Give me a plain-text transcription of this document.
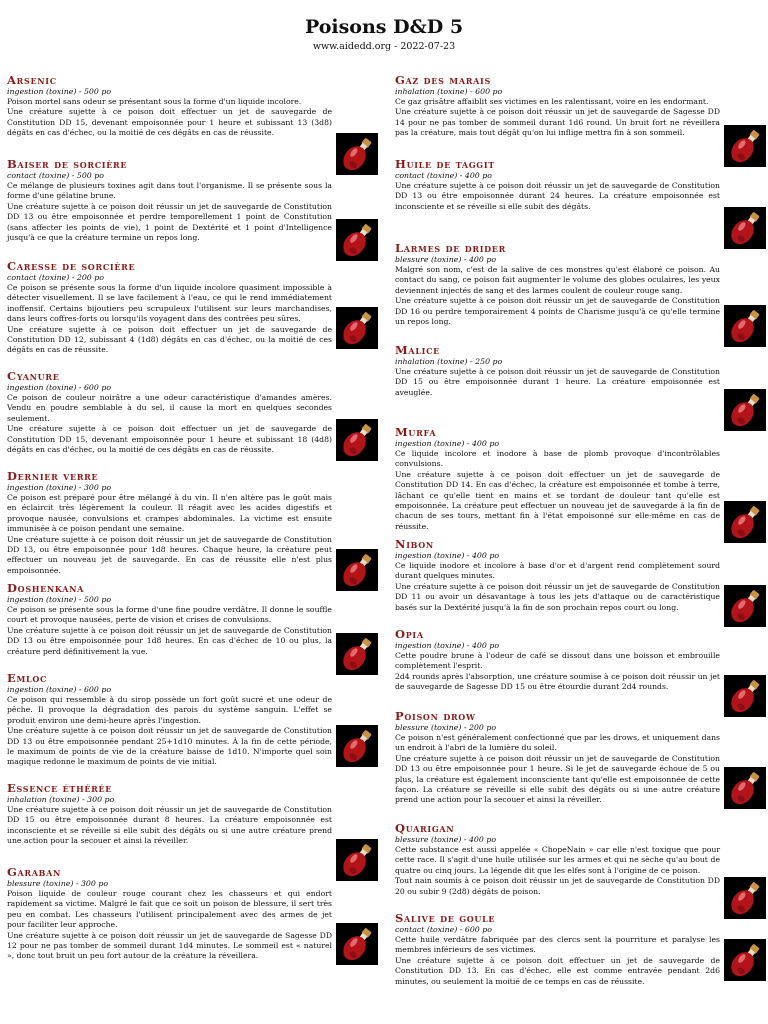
Poisons D&D 5
www.aidedd.org - 2022-07-23
Arsenic
ingestion (toxine) - 500 po

Poison mortel sans odeur se présentant sous la forme d'un liquide incolore.

Une créature sujette à ce poison doit effectuer un jet de sauvegarde de Constitution DD 15, devenant empoisonnée pour 1 heure et subissant 13 (3d8) dégâts en cas d'échec, ou la moitié de ces dégâts en cas de réussite.

Baiser de sorcière
contact (toxine) - 500 po

Ce mélange de plusieurs toxines agit dans tout l'organisme. Il se présente sous la forme d'une gélatine brune.

Une créature sujette à ce poison doit réussir un jet de sauvegarde de Constitution DD 13 ou être empoisonnée et perdre temporellement 1 point de Constitution (sans affecter les points de vie), 1 point de Dextérité et 1 point d'Intelligence jusqu'à ce que la créature termine un repos long.

Caresse de sorcière
contact (toxine) - 200 po

Ce poison se présente sous la forme d'un liquide incolore quasiment impossible à détecter visuellement. Il se lave facilement à l'eau, ce qui le rend immédiatement inoffensif. Certains bijoutiers peu scrupuleux l'utilisent sur leurs marchandises, dans leurs coffres-forts ou lorsqu'ils voyagent dans des contrées peu sûres.

Une créature sujette à ce poison doit effectuer un jet de sauvegarde de Constitution DD 12, subissant 4 (1d8) dégâts en cas d'échec, ou la moitié de ces dégâts en cas de réussite.

Cyanure
ingestion (toxine) - 600 po

Ce poison de couleur noirâtre a une odeur caractéristique d'amandes amères. Vendu en poudre semblable à du sel, il cause la mort en quelques secondes seulement.

Une créature sujette à ce poison doit effectuer un jet de sauvegarde de Constitution DD 15, devenant empoisonnée pour 1 heure et subissant 18 (4d8) dégâts en cas d'échec, ou la moitié de ces dégâts en cas de réussite.

Dernier verre
ingestion (toxine) - 300 po

Ce poison est préparé pour être mélangé à du vin. Il n'en altère pas le goût mais en éclaircit très légèrement la couleur. Il réagit avec les acides digestifs et provoque nausée, convulsions et crampes abdominales. La victime est ensuite immunisée à ce poison pendant une semaine.

Une créature sujette à ce poison doit réussir un jet de sauvegarde de Constitution DD 13, ou être empoisonnée pour 1d8 heures. Chaque heure, la créature peut effectuer un nouveau jet de sauvegarde. En cas de réussite elle n'est plus empoisonnée.

Doshenkana
ingestion (toxine) - 500 po

Ce poison se présente sous la forme d'une fine poudre verdâtre. Il donne le souffle court et provoque nausées, perte de vision et crises de convulsions.

Une créature sujette à ce poison doit réussir un jet de sauvegarde de Constitution DD 13 ou être empoisonnée pour 1d8 heures. En cas d'échec de 10 ou plus, la créature perd définitivement la vue.

Emloc
ingestion (toxine) - 600 po

Ce poison qui ressemble à du sirop possède un fort goût sucré et une odeur de pêche. Il provoque la dégradation des parois du système sanguin. L'effet se produit environ une demi-heure après l'ingestion.

Une créature sujette à ce poison doit réussir un jet de sauvegarde de Constitution DD 13 ou être empoisonnée pendant 25+1d10 minutes. À la fin de cette période, le maximum de points de vie de la créature baisse de 1d10. N'importe quel soin magique redonne le maximum de points de vie initial.

Essence éthérée
inhalation (toxine) - 300 po

Une créature sujette à ce poison doit réussir un jet de sauvegarde de Constitution DD 15 ou être empoisonnée durant 8 heures. La créature empoisonnée est inconsciente et se réveille si elle subit des dégâts ou si une autre créature prend une action pour la secouer et ainsi la réveiller.

Garaban
blessure (toxine) - 300 po

Poison liquide de couleur rouge courant chez les chasseurs et qui endort rapidement sa victime. Malgré le fait que ce soit un poison de blessure, il sert très peu en combat. Les chasseurs l'utilisent principalement avec des armes de jet pour faciliter leur approche.

Une créature sujette à ce poison doit réussir un jet de sauvegarde de Sagesse DD 12 pour ne pas tomber de sommeil durant 1d4 minutes. Le sommeil est « naturel », donc tout bruit un peu fort autour de la créature la réveillera.

Gaz des marais
inhalation (toxine) - 600 po

Ce gaz grisâtre affaiblit ses victimes en les ralentissant, voire en les endormant.

Une créature sujette à ce poison doit réussir un jet de sauvegarde de Sagesse DD 14 pour ne pas tomber de sommeil durant 1d6 round. Un bruit fort ne réveillera pas la créature, mais tout dégât qu'on lui inflige mettra fin à son sommeil.

Huile de taggit
contact (toxine) - 400 po

Une créature sujette à ce poison doit réussir un jet de sauvegarde de Constitution DD 13 ou être empoisonnée durant 24 heures. La créature empoisonnée est inconsciente et se réveille si elle subit des dégâts.

Larmes de drider
blessure (toxine) - 400 po

Malgré son nom, c'est de la salive de ces monstres qu'est élaboré ce poison. Au contact du sang, ce poison fait augmenter le volume des globes oculaires, les yeux deviennent injectés de sang et des larmes coulent de couleur rouge sang.

Une créature sujette à ce poison doit réussir un jet de sauvegarde de Constitution DD 16 ou perdre temporairement 4 points de Charisme jusqu'à ce qu'elle termine un repos long.

Malice
inhalation (toxine) - 250 po

Une créature sujette à ce poison doit réussir un jet de sauvegarde de Constitution DD 15 ou être empoisonnée durant 1 heure. La créature empoisonnée est aveuglée.

Murfa
ingestion (toxine) - 400 po

Ce liquide incolore et inodore à base de plomb provoque d'incontrôlables convulsions.

Une créature sujette à ce poison doit effectuer un jet de sauvegarde de Constitution DD 14. En cas d'échec, la créature est empoisonnée et tombe à terre, lâchant ce qu'elle tient en mains et se tordant de douleur tant qu'elle est empoisonnée. La créature peut effectuer un nouveau jet de sauvegarde à la fin de chacun de ses tours, mettant fin à l'état empoisonné sur elle-même en cas de réussite.

Nibon
ingestion (toxine) - 400 po

Ce liquide inodore et incolore à base d'or et d'argent rend complètement sourd durant quelques minutes.

Une créature sujette à ce poison doit réussir un jet de sauvegarde de Constitution DD 11 ou avoir un désavantage à tous les jets d'attaque ou de caractéristique basés sur la Dextérité jusqu'à la fin de son prochain repos court ou long.

Opia
ingestion (toxine) - 400 po

Cette poudre brune à l'odeur de café se dissout dans une boisson et embrouille complètement l'esprit.

2d4 rounds après l'absorption, une créature soumise à ce poison doit réussir un jet de sauvegarde de Sagesse DD 15 ou être étourdie durant 2d4 rounds.

Poison drow
blessure (toxine) - 200 po

Ce poison n'est généralement confectionné que par les drows, et uniquement dans un endroit à l'abri de la lumière du soleil.

Une créature sujette à ce poison doit réussir un jet de sauvegarde de Constitution DD 13 ou être empoisonnée pour 1 heure. Si le jet de sauvegarde échoue de 5 ou plus, la créature est également inconsciente tant qu'elle est empoisonnée de cette façon. La créature se réveille si elle subit des dégâts ou si une autre créature prend une action pour la secouer et ainsi la réveiller.

Quarigan
blessure (toxine) - 400 po

Cette substance est aussi appelée « ChopeNain » car elle n'est toxique que pour cette race. Il s'agit d'une huile utilisée sur les armes et qui ne sèche qu'au bout de quatre ou cinq jours. La légende dit que les elfes sont à l'origine de ce poison.

Tout nain soumis à ce poison doit réussir un jet de sauvegarde de Constitution DD 20 ou subir 9 (2d8) dégâts de poison.

Salive de goule
contact (toxine) - 600 po

Cette huile verdâtre fabriquée par des clercs sent la pourriture et paralyse les membres inférieurs de ses victimes.

Une créature sujette à ce poison doit effectuer un jet de sauvegarde de Constitution DD 13. En cas d'échec, elle est comme entravée pendant 2d6 minutes, ou seulement la moitié de ce temps en cas de réussite.
